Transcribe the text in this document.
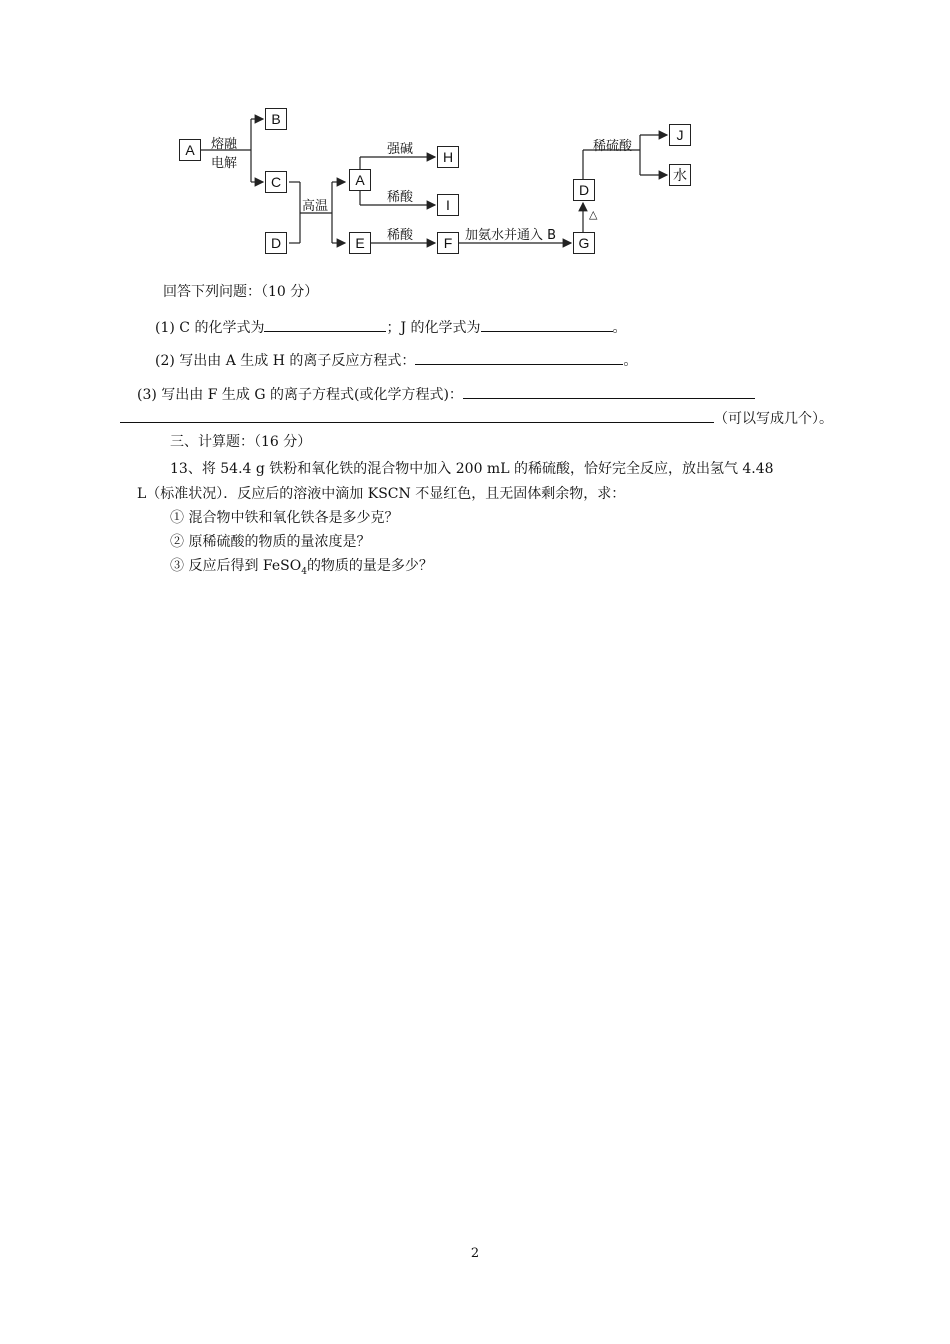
A
B
C
D
A
E
H
I
F	G
D
J
水
熔融
电解
高温
强碱
稀酸
稀酸	加氨水并通入 B
△
稀硫酸
回答下列问题：（10 分）
(1) C 的化学式为	；J 的化学式为	。
(2) 写出由 A 生成 H 的离子反应方程式：	。
(3) 写出由 F 生成 G 的离子方程式(或化学方程式)：
（可以写成几个）。
三、计算题：（16 分）
13、将 54.4 g 铁粉和氧化铁的混合物中加入 200 mL 的稀硫酸，恰好完全反应，放出氢气 4.48
L（标准状况）．反应后的溶液中滴加 KSCN 不显红色，且无固体剩余物，求：
① 混合物中铁和氧化铁各是多少克？
② 原稀硫酸的物质的量浓度是？
③ 反应后得到 FeSO$_4$的物质的量是多少？
2
